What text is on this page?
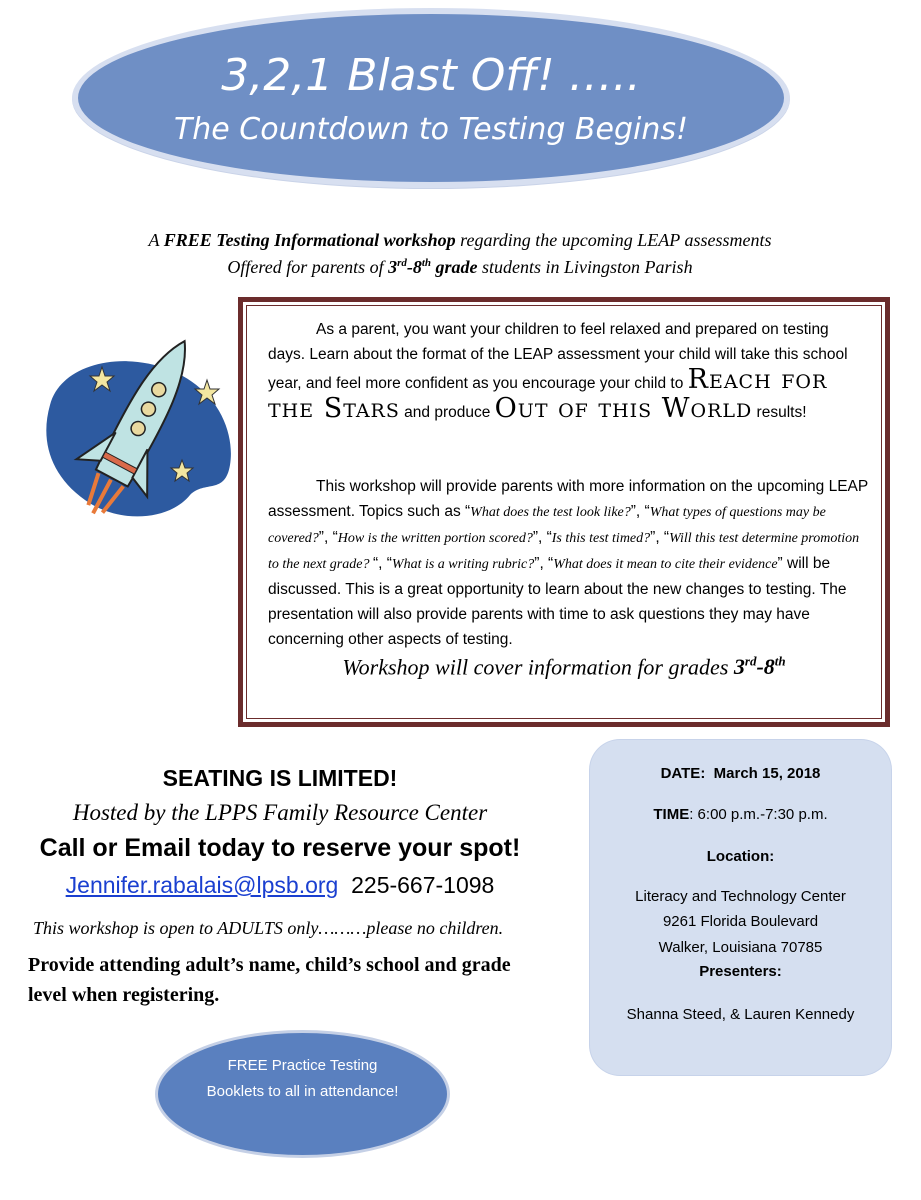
3,2,1 Blast Off! …..
The Countdown to Testing Begins!
A FREE Testing Informational workshop regarding the upcoming LEAP assessments
Offered for parents of 3rd-8th grade students in Livingston Parish
As a parent, you want your children to feel relaxed and prepared on testing days. Learn about the format of the LEAP assessment your child will take this school year, and feel more confident as you encourage your child to Reach for the Stars and produce Out of this World results!
This workshop will provide parents with more information on the upcoming LEAP assessment. Topics such as “What does the test look like?”, “What types of questions may be covered?”, “How is the written portion scored?”, “Is this test timed?”, “Will this test determine promotion to the next grade? “, “What is a writing rubric?”, “What does it mean to cite their evidence” will be discussed. This is a great opportunity to learn about the new changes to testing. The presentation will also provide parents with time to ask questions they may have concerning other aspects of testing.
Workshop will cover information for grades 3rd-8th
SEATING IS LIMITED!
Hosted by the LPPS Family Resource Center
Call or Email today to reserve your spot!
Jennifer.rabalais@lpsb.org 225-667-1098
This workshop is open to ADULTS only………please no children.
Provide attending adult’s name, child’s school and grade level when registering.
FREE Practice Testing Booklets to all in attendance!
DATE: March 15, 2018
TIME: 6:00 p.m.-7:30 p.m.
Location:
Literacy and Technology Center
9261 Florida Boulevard
Walker, Louisiana 70785
Presenters:
Shanna Steed, & Lauren Kennedy
